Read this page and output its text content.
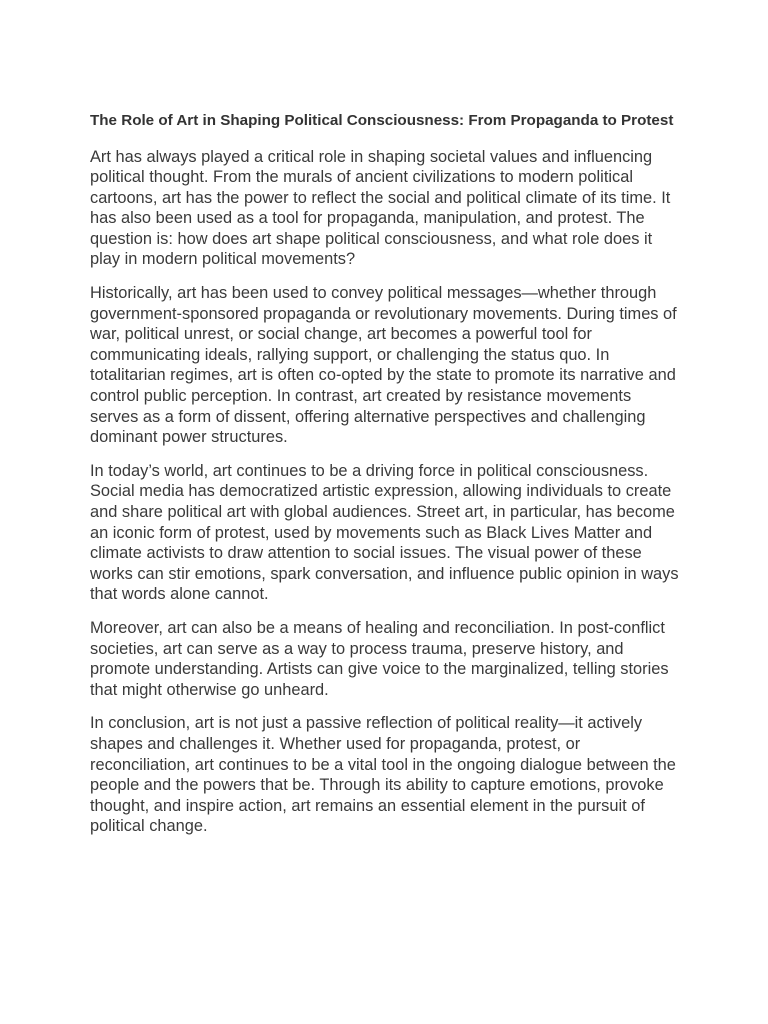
The Role of Art in Shaping Political Consciousness: From Propaganda to Protest

Art has always played a critical role in shaping societal values and influencing political thought. From the murals of ancient civilizations to modern political cartoons, art has the power to reflect the social and political climate of its time. It has also been used as a tool for propaganda, manipulation, and protest. The question is: how does art shape political consciousness, and what role does it play in modern political movements?

Historically, art has been used to convey political messages—whether through government-sponsored propaganda or revolutionary movements. During times of war, political unrest, or social change, art becomes a powerful tool for communicating ideals, rallying support, or challenging the status quo. In totalitarian regimes, art is often co-opted by the state to promote its narrative and control public perception. In contrast, art created by resistance movements serves as a form of dissent, offering alternative perspectives and challenging dominant power structures.

In today’s world, art continues to be a driving force in political consciousness. Social media has democratized artistic expression, allowing individuals to create and share political art with global audiences. Street art, in particular, has become an iconic form of protest, used by movements such as Black Lives Matter and climate activists to draw attention to social issues. The visual power of these works can stir emotions, spark conversation, and influence public opinion in ways that words alone cannot.

Moreover, art can also be a means of healing and reconciliation. In post-conflict societies, art can serve as a way to process trauma, preserve history, and promote understanding. Artists can give voice to the marginalized, telling stories that might otherwise go unheard.

In conclusion, art is not just a passive reflection of political reality—it actively shapes and challenges it. Whether used for propaganda, protest, or reconciliation, art continues to be a vital tool in the ongoing dialogue between the people and the powers that be. Through its ability to capture emotions, provoke thought, and inspire action, art remains an essential element in the pursuit of political change.
